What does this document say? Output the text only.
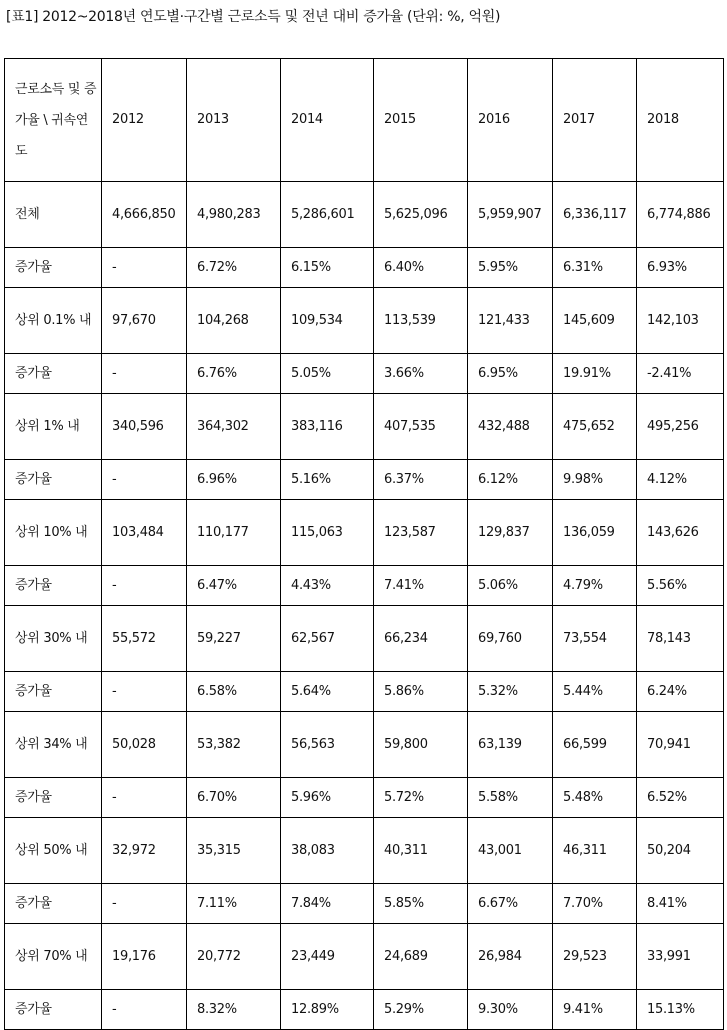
[표1] 2012~2018년 연도별·구간별 근로소득 및 전년 대비 증가율 (단위: %, 억원)
근로소득 및 증가율 \ 귀속연도	2012	2013	2014	2015	2016	2017	2018
전체	4,666,850	4,980,283	5,286,601	5,625,096	5,959,907	6,336,117	6,774,886
증가율	-	6.72%	6.15%	6.40%	5.95%	6.31%	6.93%
상위 0.1% 내	97,670	104,268	109,534	113,539	121,433	145,609	142,103
증가율	-	6.76%	5.05%	3.66%	6.95%	19.91%	-2.41%
상위 1% 내	340,596	364,302	383,116	407,535	432,488	475,652	495,256
증가율	-	6.96%	5.16%	6.37%	6.12%	9.98%	4.12%
상위 10% 내	103,484	110,177	115,063	123,587	129,837	136,059	143,626
증가율	-	6.47%	4.43%	7.41%	5.06%	4.79%	5.56%
상위 30% 내	55,572	59,227	62,567	66,234	69,760	73,554	78,143
증가율	-	6.58%	5.64%	5.86%	5.32%	5.44%	6.24%
상위 34% 내	50,028	53,382	56,563	59,800	63,139	66,599	70,941
증가율	-	6.70%	5.96%	5.72%	5.58%	5.48%	6.52%
상위 50% 내	32,972	35,315	38,083	40,311	43,001	46,311	50,204
증가율	-	7.11%	7.84%	5.85%	6.67%	7.70%	8.41%
상위 70% 내	19,176	20,772	23,449	24,689	26,984	29,523	33,991
증가율	-	8.32%	12.89%	5.29%	9.30%	9.41%	15.13%
